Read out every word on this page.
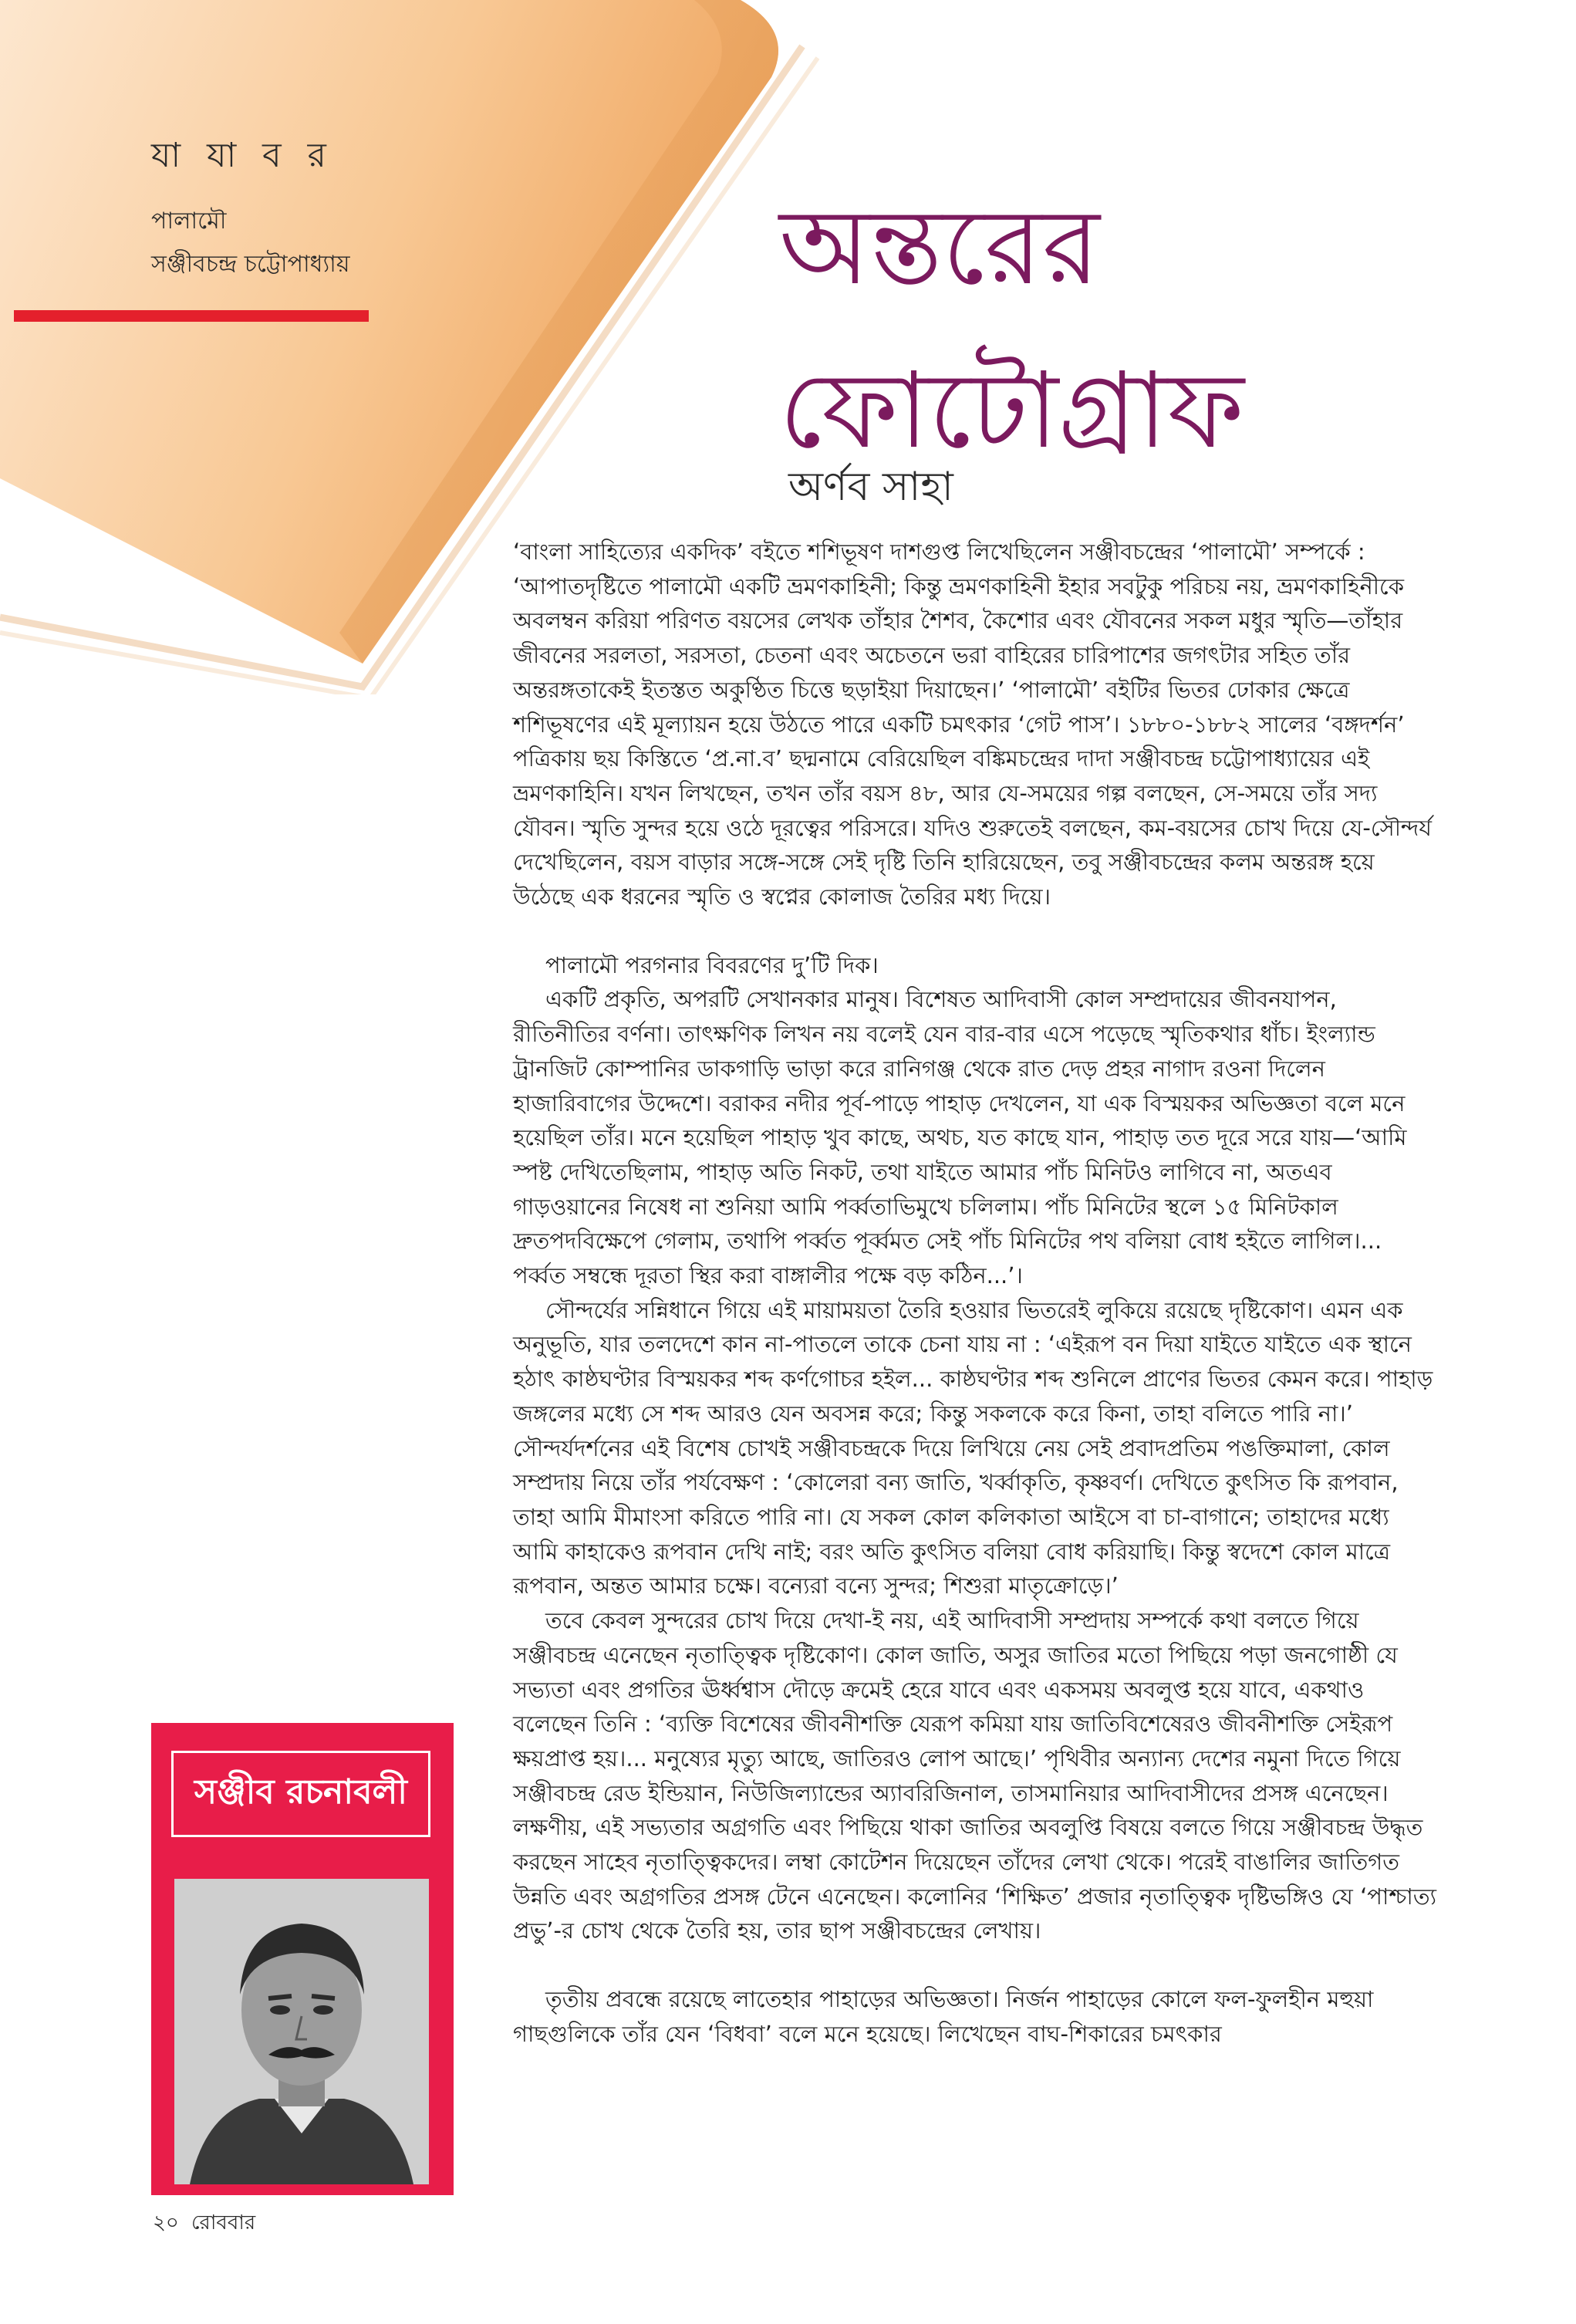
যা যা ব র
পালামৌ
সঞ্জীবচন্দ্র চট্টোপাধ্যায়	অন্তরের
ফোটোগ্রাফ
অর্ণব সাহা

‘বাংলা সাহিত্যের একদিক’ বইতে শশিভূষণ দাশগুপ্ত লিখেছিলেন সঞ্জীবচন্দ্রের ‘পালামৌ’ সম্পর্কে : ‘আপাতদৃষ্টিতে পালামৌ একটি ভ্রমণকাহিনী; কিন্তু ভ্রমণকাহিনী ইহার সবটুকু পরিচয় নয়, ভ্রমণকাহিনীকে অবলম্বন করিয়া পরিণত বয়সের লেখক তাঁহার শৈশব, কৈশোর এবং যৌবনের সকল মধুর স্মৃতি—তাঁহার জীবনের সরলতা, সরসতা, চেতনা এবং অচেতনে ভরা বাহিরের চারিপাশের জগৎটার সহিত তাঁর অন্তরঙ্গতাকেই ইতস্তত অকুণ্ঠিত চিত্তে ছড়াইয়া দিয়াছেন।’ ‘পালামৌ’ বইটির ভিতর ঢোকার ক্ষেত্রে শশিভূষণের এই মূল্যায়ন হয়ে উঠতে পারে একটি চমৎকার ‘গেট পাস’। ১৮৮০-১৮৮২ সালের ‘বঙ্গদর্শন’ পত্রিকায় ছয় কিস্তিতে ‘প্র.না.ব’ ছদ্মনামে বেরিয়েছিল বঙ্কিমচন্দ্রের দাদা সঞ্জীবচন্দ্র চট্টোপাধ্যায়ের এই ভ্রমণকাহিনি। যখন লিখছেন, তখন তাঁর বয়স ৪৮, আর যে-সময়ের গল্প বলছেন, সে-সময়ে তাঁর সদ্য যৌবন। স্মৃতি সুন্দর হয়ে ওঠে দূরত্বের পরিসরে। যদিও শুরুতেই বলছেন, কম-বয়সের চোখ দিয়ে যে-সৌন্দর্য দেখেছিলেন, বয়স বাড়ার সঙ্গে-সঙ্গে সেই দৃষ্টি তিনি হারিয়েছেন, তবু সঞ্জীবচন্দ্রের কলম অন্তরঙ্গ হয়ে উঠেছে এক ধরনের স্মৃতি ও স্বপ্নের কোলাজ তৈরির মধ্য দিয়ে।

পালামৌ পরগনার বিবরণের দু’টি দিক।

একটি প্রকৃতি, অপরটি সেখানকার মানুষ। বিশেষত আদিবাসী কোল সম্প্রদায়ের জীবনযাপন, রীতিনীতির বর্ণনা। তাৎক্ষণিক লিখন নয় বলেই যেন বার-বার এসে পড়েছে স্মৃতিকথার ধাঁচ। ইংল্যান্ড ট্রানজিট কোম্পানির ডাকগাড়ি ভাড়া করে রানিগঞ্জ থেকে রাত দেড় প্রহর নাগাদ রওনা দিলেন হাজারিবাগের উদ্দেশে। বরাকর নদীর পূর্ব-পাড়ে পাহাড় দেখলেন, যা এক বিস্ময়কর অভিজ্ঞতা বলে মনে হয়েছিল তাঁর। মনে হয়েছিল পাহাড় খুব কাছে, অথচ, যত কাছে যান, পাহাড় তত দূরে সরে যায়—‘আমি স্পষ্ট দেখিতেছিলাম, পাহাড় অতি নিকট, তথা যাইতে আমার পাঁচ মিনিটও লাগিবে না, অতএব গাড়ওয়ানের নিষেধ না শুনিয়া আমি পর্ব্বতাভিমুখে চলিলাম। পাঁচ মিনিটের স্থলে ১৫ মিনিটকাল দ্রুতপদবিক্ষেপে গেলাম, তথাপি পর্ব্বত পূর্ব্বমত সেই পাঁচ মিনিটের পথ বলিয়া বোধ হইতে লাগিল।... পর্ব্বত সম্বন্ধে দূরতা স্থির করা বাঙ্গালীর পক্ষে বড় কঠিন...’।

সৌন্দর্যের সন্নিধানে গিয়ে এই মায়াময়তা তৈরি হওয়ার ভিতরেই লুকিয়ে রয়েছে দৃষ্টিকোণ। এমন এক অনুভূতি, যার তলদেশে কান না-পাতলে তাকে চেনা যায় না : ‘এইরূপ বন দিয়া যাইতে যাইতে এক স্থানে হঠাৎ কাষ্ঠঘণ্টার বিস্ময়কর শব্দ কর্ণগোচর হইল... কাষ্ঠঘণ্টার শব্দ শুনিলে প্রাণের ভিতর কেমন করে। পাহাড় জঙ্গলের মধ্যে সে শব্দ আরও যেন অবসন্ন করে; কিন্তু সকলকে করে কিনা, তাহা বলিতে পারি না।’ সৌন্দর্যদর্শনের এই বিশেষ চোখই সঞ্জীবচন্দ্রকে দিয়ে লিখিয়ে নেয় সেই প্রবাদপ্রতিম পঙক্তিমালা, কোল সম্প্রদায় নিয়ে তাঁর পর্যবেক্ষণ : ‘কোলেরা বন্য জাতি, খর্ব্বাকৃতি, কৃষ্ণবর্ণ। দেখিতে কুৎসিত কি রূপবান, তাহা আমি মীমাংসা করিতে পারি না। যে সকল কোল কলিকাতা আইসে বা চা-বাগানে; তাহাদের মধ্যে আমি কাহাকেও রূপবান দেখি নাই; বরং অতি কুৎসিত বলিয়া বোধ করিয়াছি। কিন্তু স্বদেশে কোল মাত্রে রূপবান, অন্তত আমার চক্ষে। বন্যেরা বন্যে সুন্দর; শিশুরা মাতৃক্রোড়ে।’

তবে কেবল সুন্দরের চোখ দিয়ে দেখা-ই নয়, এই আদিবাসী সম্প্রদায় সম্পর্কে কথা বলতে গিয়ে সঞ্জীবচন্দ্র এনেছেন নৃতাত্ত্বিক দৃষ্টিকোণ। কোল জাতি, অসুর জাতির মতো পিছিয়ে পড়া জনগোষ্ঠী যে সভ্যতা এবং প্রগতির ঊর্ধ্বশ্বাস দৌড়ে ক্রমেই হেরে যাবে এবং একসময় অবলুপ্ত হয়ে যাবে, একথাও বলেছেন তিনি : ‘ব্যক্তি বিশেষের জীবনীশক্তি যেরূপ কমিয়া যায় জাতিবিশেষেরও জীবনীশক্তি সেইরূপ ক্ষয়প্রাপ্ত হয়।... মনুষ্যের মৃত্যু আছে, জাতিরও লোপ আছে।’ পৃথিবীর অন্যান্য দেশের নমুনা দিতে গিয়ে সঞ্জীবচন্দ্র রেড ইন্ডিয়ান, নিউজিল্যান্ডের অ্যাবরিজিনাল, তাসমানিয়ার আদিবাসীদের প্রসঙ্গ এনেছেন। লক্ষণীয়, এই সভ্যতার অগ্রগতি এবং পিছিয়ে থাকা জাতির অবলুপ্তি বিষয়ে বলতে গিয়ে সঞ্জীবচন্দ্র উদ্ধৃত করছেন সাহেব নৃতাত্ত্বিকদের। লম্বা কোটেশন দিয়েছেন তাঁদের লেখা থেকে। পরেই বাঙালির জাতিগত উন্নতি এবং অগ্রগতির প্রসঙ্গ টেনে এনেছেন। কলোনির ‘শিক্ষিত’ প্রজার নৃতাত্ত্বিক দৃষ্টিভঙ্গিও যে ‘পাশ্চাত্য প্রভু’-র চোখ থেকে তৈরি হয়, তার ছাপ সঞ্জীবচন্দ্রের লেখায়।

তৃতীয় প্রবন্ধে রয়েছে লাতেহার পাহাড়ের অভিজ্ঞতা। নির্জন পাহাড়ের কোলে ফল-ফুলহীন মহুয়া গাছগুলিকে তাঁর যেন ‘বিধবা’ বলে মনে হয়েছে। লিখেছেন বাঘ-শিকারের চমৎকার

সঞ্জীব রচনাবলী
২০ রোববার
